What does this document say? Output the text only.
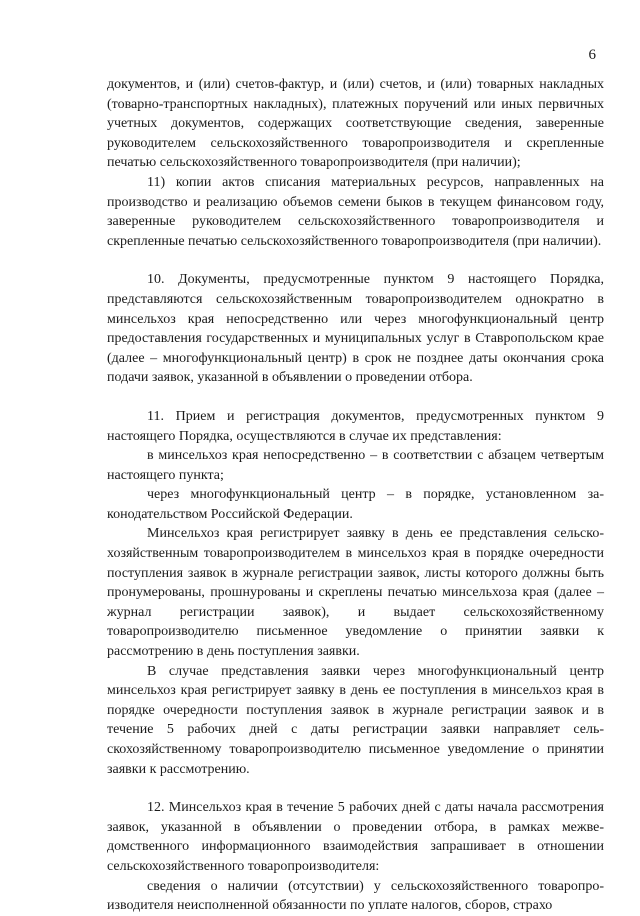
6

документов, и (или) счетов-фактур, и (или) счетов, и (или) товарных накладных (товарно-транспортных накладных), платежных поручений или иных первичных учетных документов, содержащих соответствующие сведения, заверенные руководителем сельскохозяйственного товаропроизводителя и скрепленные печатью сельскохозяйственного товаропроизводителя (при наличии);

11) копии актов списания материальных ресурсов, направленных на производство и реализацию объемов семени быков в текущем финансовом году, заверенные руководителем сельскохозяйственного товаропроизводителя и скрепленные печатью сельскохозяйственного товаропроизводителя (при наличии).

10. Документы, предусмотренные пунктом 9 настоящего Порядка, представляются сельскохозяйственным товаропроизводителем однократно в минсельхоз края непосредственно или через многофункциональный центр предоставления государственных и муниципальных услуг в Ставропольском крае (далее – многофункциональный центр) в срок не позднее даты окончания срока подачи заявок, указанной в объявлении о проведении отбора.

11. Прием и регистрация документов, предусмотренных пунктом 9 настоящего Порядка, осуществляются в случае их представления:

в минсельхоз края непосредственно – в соответствии с абзацем четвертым настоящего пункта;

через многофункциональный центр – в порядке, установленном законодательством Российской Федерации.

Минсельхоз края регистрирует заявку в день ее представления сельскохозяйственным товаропроизводителем в минсельхоз края в порядке очередности поступления заявок в журнале регистрации заявок, листы которого должны быть пронумерованы, прошнурованы и скреплены печатью минсельхоза края (далее – журнал регистрации заявок), и выдает сельскохозяйственному товаропроизводителю письменное уведомление о принятии заявки к рассмотрению в день поступления заявки.

В случае представления заявки через многофункциональный центр минсельхоз края регистрирует заявку в день ее поступления в минсельхоз края в порядке очередности поступления заявок в журнале регистрации заявок и в течение 5 рабочих дней с даты регистрации заявки направляет сельскохозяйственному товаропроизводителю письменное уведомление о принятии заявки к рассмотрению.

12. Минсельхоз края в течение 5 рабочих дней с даты начала рассмотрения заявок, указанной в объявлении о проведении отбора, в рамках межведомственного информационного взаимодействия запрашивает в отношении сельскохозяйственного товаропроизводителя:

сведения о наличии (отсутствии) у сельскохозяйственного товаропроизводителя неисполненной обязанности по уплате налогов, сборов, страхо
